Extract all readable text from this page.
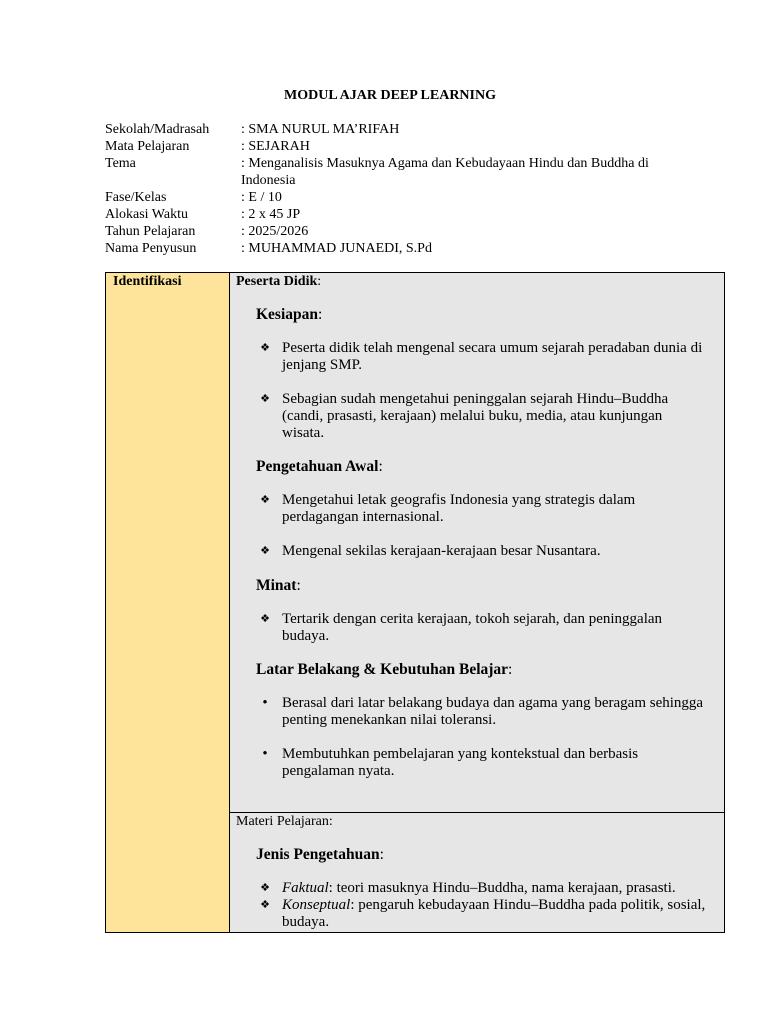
MODUL AJAR DEEP LEARNING
Sekolah/Madrasah	: SMA NURUL MA’RIFAH
Mata Pelajaran	: SEJARAH
Tema	: Menganalisis Masuknya Agama dan Kebudayaan Hindu dan Buddha di Indonesia
Fase/Kelas	: E / 10
Alokasi Waktu	: 2 x 45 JP
Tahun Pelajaran	: 2025/2026
Nama Penyusun	: MUHAMMAD JUNAEDI, S.Pd
Identifikasi	Peserta Didik:
Kesiapan:
❖ Peserta didik telah mengenal secara umum sejarah peradaban dunia di jenjang SMP.
❖ Sebagian sudah mengetahui peninggalan sejarah Hindu–Buddha (candi, prasasti, kerajaan) melalui buku, media, atau kunjungan wisata.
Pengetahuan Awal:
❖ Mengetahui letak geografis Indonesia yang strategis dalam perdagangan internasional.
❖ Mengenal sekilas kerajaan-kerajaan besar Nusantara.
Minat:
❖ Tertarik dengan cerita kerajaan, tokoh sejarah, dan peninggalan budaya.
Latar Belakang & Kebutuhan Belajar:
• Berasal dari latar belakang budaya dan agama yang beragam sehingga penting menekankan nilai toleransi.
• Membutuhkan pembelajaran yang kontekstual dan berbasis pengalaman nyata.
Materi Pelajaran:
Jenis Pengetahuan:
❖ Faktual: teori masuknya Hindu–Buddha, nama kerajaan, prasasti.
❖ Konseptual: pengaruh kebudayaan Hindu–Buddha pada politik, sosial, budaya.
